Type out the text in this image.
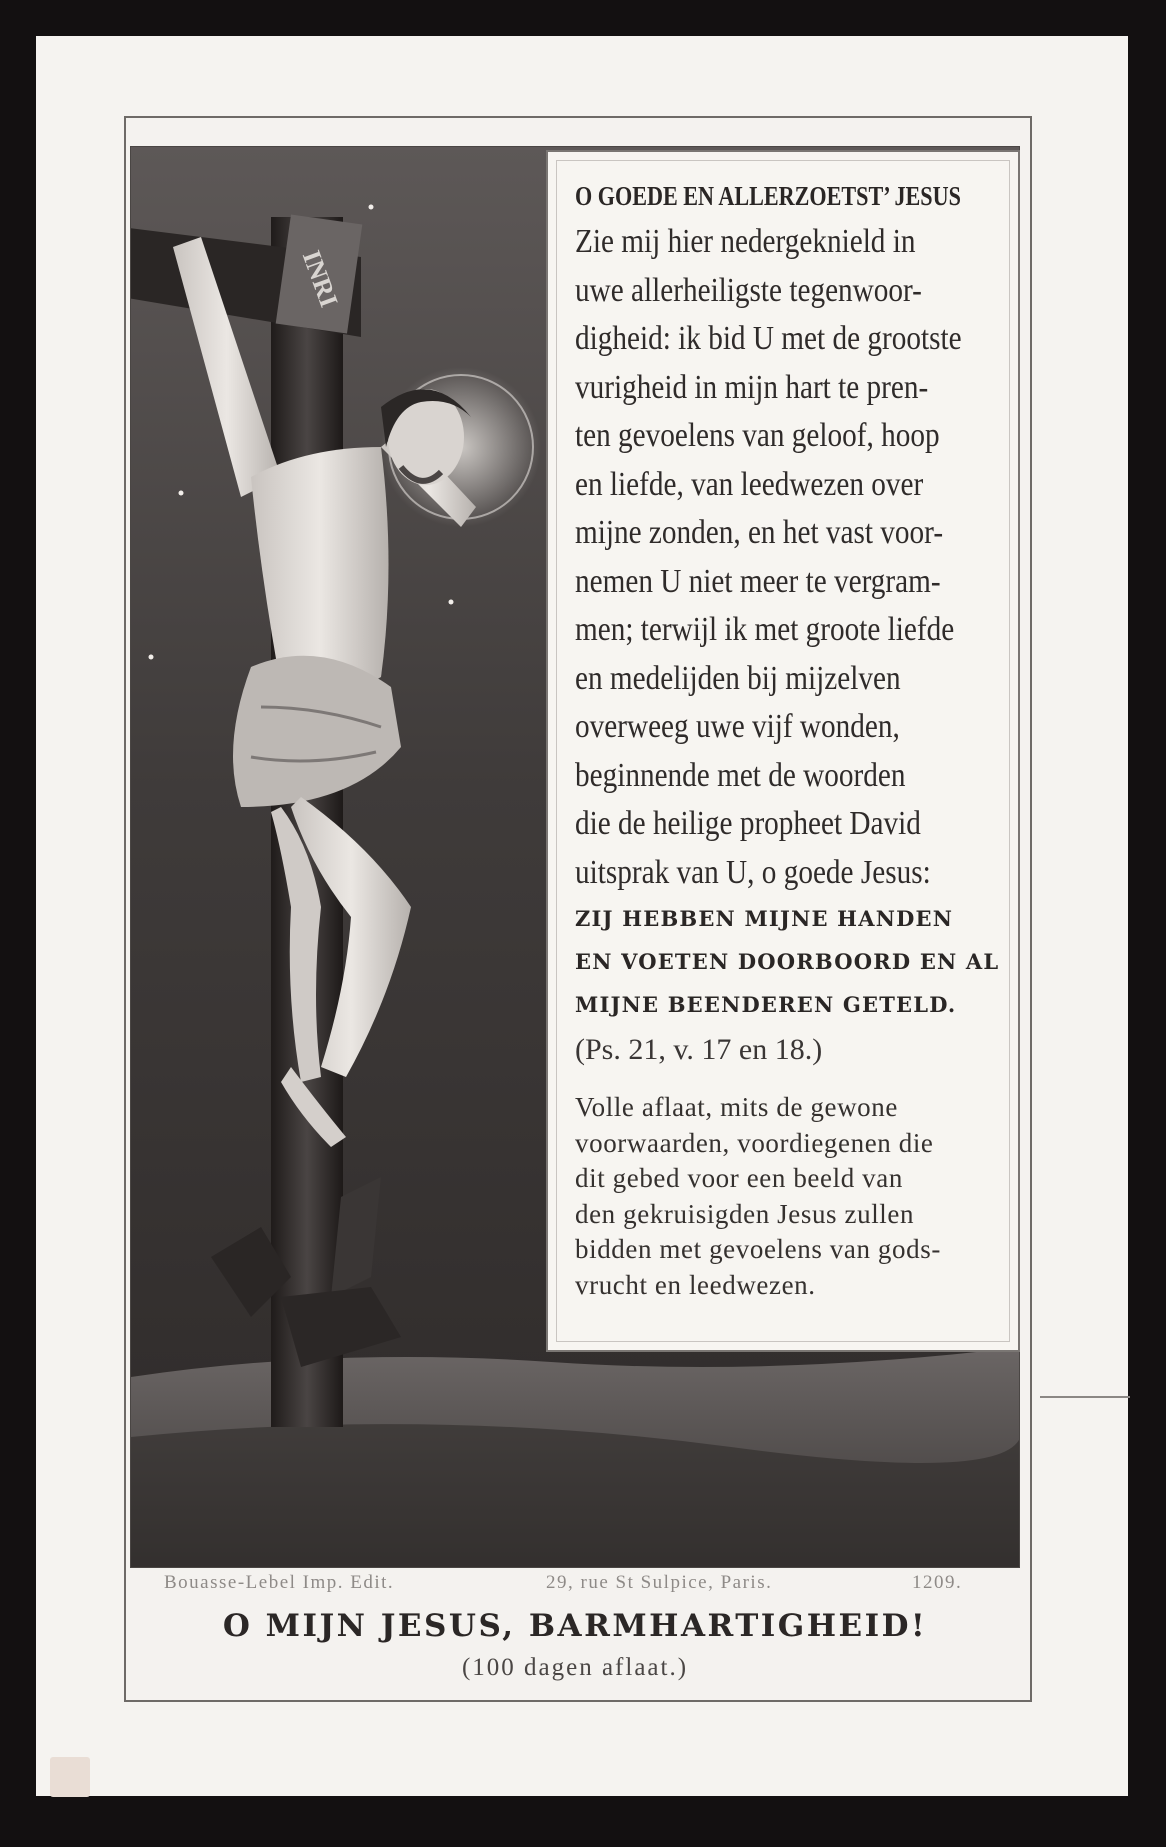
INRI
O GOEDE EN ALLERZOETST’ JESUS
Zie mij hier nedergeknield in
uwe allerheiligste tegenwoor-
digheid: ik bid U met de grootste
vurigheid in mijn hart te pren-
ten gevoelens van geloof, hoop
en liefde, van leedwezen over
mijne zonden, en het vast voor-
nemen U niet meer te vergram-
men; terwijl ik met groote liefde
en medelijden bij mijzelven
overweeg uwe vijf wonden,
beginnende met de woorden
die de heilige propheet David
uitsprak van U, o goede Jesus:
ZIJ HEBBEN MIJNE HANDEN
EN VOETEN DOORBOORD EN AL
MIJNE BEENDEREN GETELD.
(Ps. 21, v. 17 en 18.)
Volle aflaat, mits de gewone
voorwaarden, voordiegenen die
dit gebed voor een beeld van
den gekruisigden Jesus zullen
bidden met gevoelens van gods-
vrucht en leedwezen.
Bouasse-Lebel Imp. Edit.	29, rue St Sulpice, Paris.	1209.
O MIJN JESUS, BARMHARTIGHEID!
(100 dagen aflaat.)
